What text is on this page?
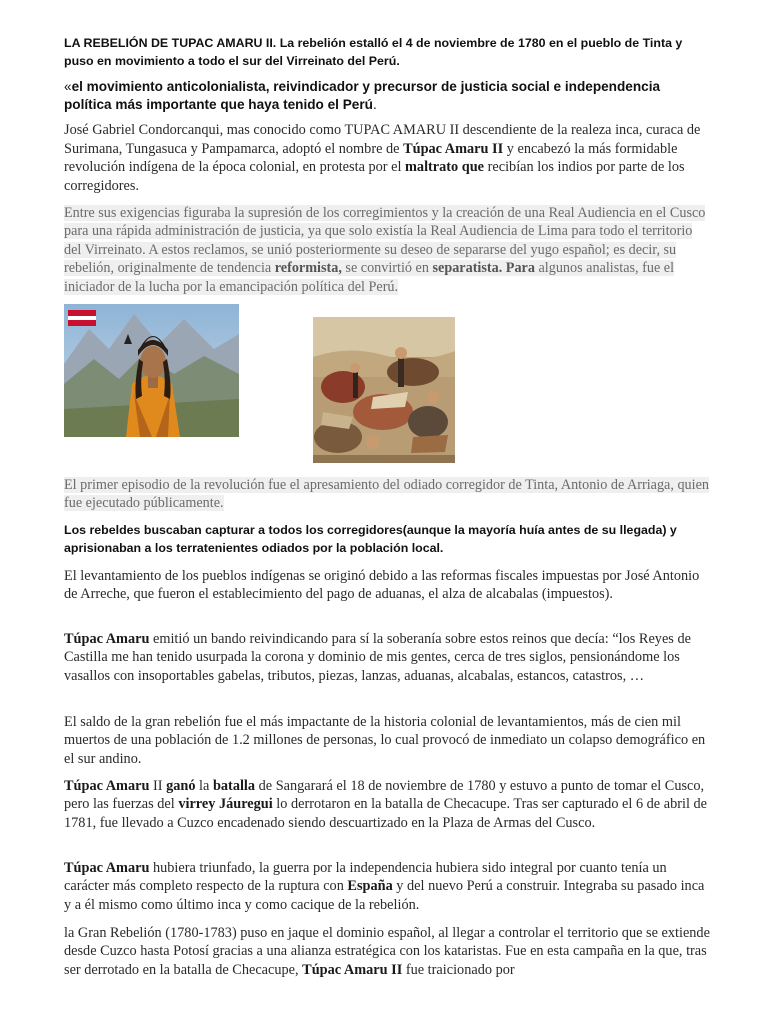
LA REBELIÓN DE TUPAC AMARU II. La rebelión estalló el 4 de noviembre de 1780 en el pueblo de Tinta y puso en movimiento a todo el sur del Virreinato del Perú.

«el movimiento anticolonialista, reivindicador y precursor de justicia social e independencia política más importante que haya tenido el Perú.

José Gabriel Condorcanqui, mas conocido como TUPAC AMARU II descendiente de la realeza inca, curaca de Surimana, Tungasuca y Pampamarca, adoptó el nombre de Túpac Amaru II y encabezó la más formidable revolución indígena de la época colonial, en protesta por el maltrato que recibían los indios por parte de los corregidores.

Entre sus exigencias figuraba la supresión de los corregimientos y la creación de una Real Audiencia en el Cusco para una rápida administración de justicia, ya que solo existía la Real Audiencia de Lima para todo el territorio del Virreinato. A estos reclamos, se unió posteriormente su deseo de separarse del yugo español; es decir, su rebelión, originalmente de tendencia reformista, se convirtió en separatista. Para algunos analistas, fue el iniciador de la lucha por la emancipación política del Perú.

El primer episodio de la revolución fue el apresamiento del odiado corregidor de Tinta, Antonio de Arriaga, quien fue ejecutado públicamente.

Los rebeldes buscaban capturar a todos los corregidores(aunque la mayoría huía antes de su llegada) y aprisionaban a los terratenientes odiados por la población local.

El levantamiento de los pueblos indígenas se originó debido a las reformas fiscales impuestas por José Antonio de Arreche, que fueron el establecimiento del pago de aduanas, el alza de alcabalas (impuestos).

Túpac Amaru emitió un bando reivindicando para sí la soberanía sobre estos reinos que decía: “los Reyes de Castilla me han tenido usurpada la corona y dominio de mis gentes, cerca de tres siglos, pensionándome los vasallos con insoportables gabelas, tributos, piezas, lanzas, aduanas, alcabalas, estancos, catastros, …

El saldo de la gran rebelión fue el más impactante de la historia colonial de levantamientos, más de cien mil muertos de una población de 1.2 millones de personas, lo cual provocó de inmediato un colapso demográfico en el sur andino.

Túpac Amaru II ganó la batalla de Sangarará el 18 de noviembre de 1780 y estuvo a punto de tomar el Cusco, pero las fuerzas del virrey Jáuregui lo derrotaron en la batalla de Checacupe. Tras ser capturado el 6 de abril de 1781, fue llevado a Cuzco encadenado siendo descuartizado en la Plaza de Armas del Cusco.

Túpac Amaru hubiera triunfado, la guerra por la independencia hubiera sido integral por cuanto tenía un carácter más completo respecto de la ruptura con España y del nuevo Perú a construir. Integraba su pasado inca y a él mismo como último inca y como cacique de la rebelión.

la Gran Rebelión (1780-1783) puso en jaque el dominio español, al llegar a controlar el territorio que se extiende desde Cuzco hasta Potosí gracias a una alianza estratégica con los kataristas. Fue en esta campaña en la que, tras ser derrotado en la batalla de Checacupe, Túpac Amaru II fue traicionado por
